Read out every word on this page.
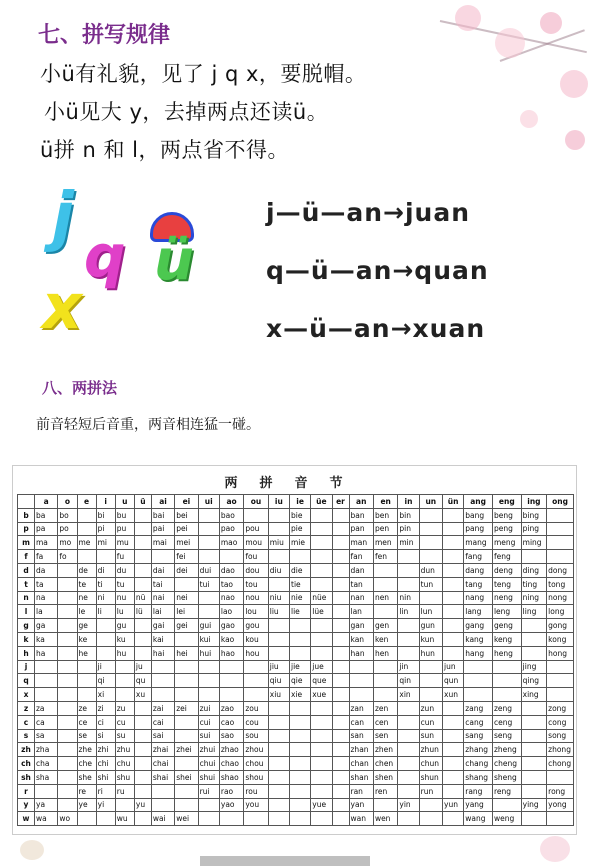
七、拼写规律
小ü有礼貌，见了 j q x，要脱帽。
小ü见大 y，去掉两点还读ü。
ü拼 n 和 l，两点省不得。
j
q
x
ü
j—ü—an→juan
q—ü—an→quan
x—ü—an→xuan
八、两拼法
前音轻短后音重，两音相连猛一碰。
两拼音节
	a	o	e	i	u	ü	ai	ei	ui	ao	ou	iu	ie	üe	er	an	en	in	un	ün	ang	eng	ing	ong
b	ba	bo		bi	bu		bai	bei		bao			bie			ban	ben	bin			bang	beng	bing	
p	pa	po		pi	pu		pai	pei		pao	pou		pie			pan	pen	pin			pang	peng	ping	
m	ma	mo	me	mi	mu		mai	mei		mao	mou	miu	mie			man	men	min			mang	meng	ming	
f	fa	fo			fu			fei			fou					fan	fen				fang	feng		
d	da		de	di	du		dai	dei	dui	dao	dou	diu	die			dan			dun		dang	deng	ding	dong
t	ta		te	ti	tu		tai		tui	tao	tou		tie			tan			tun		tang	teng	ting	tong
n	na		ne	ni	nu	nü	nai	nei		nao	nou	niu	nie	nüe		nan	nen	nin			nang	neng	ning	nong
l	la		le	li	lu	lü	lai	lei		lao	lou	liu	lie	lüe		lan		lin	lun		lang	leng	ling	long
g	ga		ge		gu		gai	gei	gui	gao	gou					gan	gen		gun		gang	geng		gong
k	ka		ke		ku		kai		kui	kao	kou					kan	ken		kun		kang	keng		kong
h	ha		he		hu		hai	hei	hui	hao	hou					han	hen		hun		hang	heng		hong
j				ji		ju						jiu	jie	jue				jin		jun			jing	
q				qi		qu						qiu	qie	que				qin		qun			qing	
x				xi		xu						xiu	xie	xue				xin		xun			xing	
z	za		ze	zi	zu		zai	zei	zui	zao	zou					zan	zen		zun		zang	zeng		zong
c	ca		ce	ci	cu		cai		cui	cao	cou					can	cen		cun		cang	ceng		cong
s	sa		se	si	su		sai		sui	sao	sou					san	sen		sun		sang	seng		song
zh	zha		zhe	zhi	zhu		zhai	zhei	zhui	zhao	zhou					zhan	zhen		zhun		zhang	zheng		zhong
ch	cha		che	chi	chu		chai		chui	chao	chou					chan	chen		chun		chang	cheng		chong
sh	sha		she	shi	shu		shai	shei	shui	shao	shou					shan	shen		shun		shang	sheng		
r			re	ri	ru				rui	rao	rou					ran	ren		run		rang	reng		rong
y	ya		ye	yi		yu				yao	you			yue		yan		yin		yun	yang		ying	yong
w	wa	wo			wu		wai	wei								wan	wen				wang	weng		
